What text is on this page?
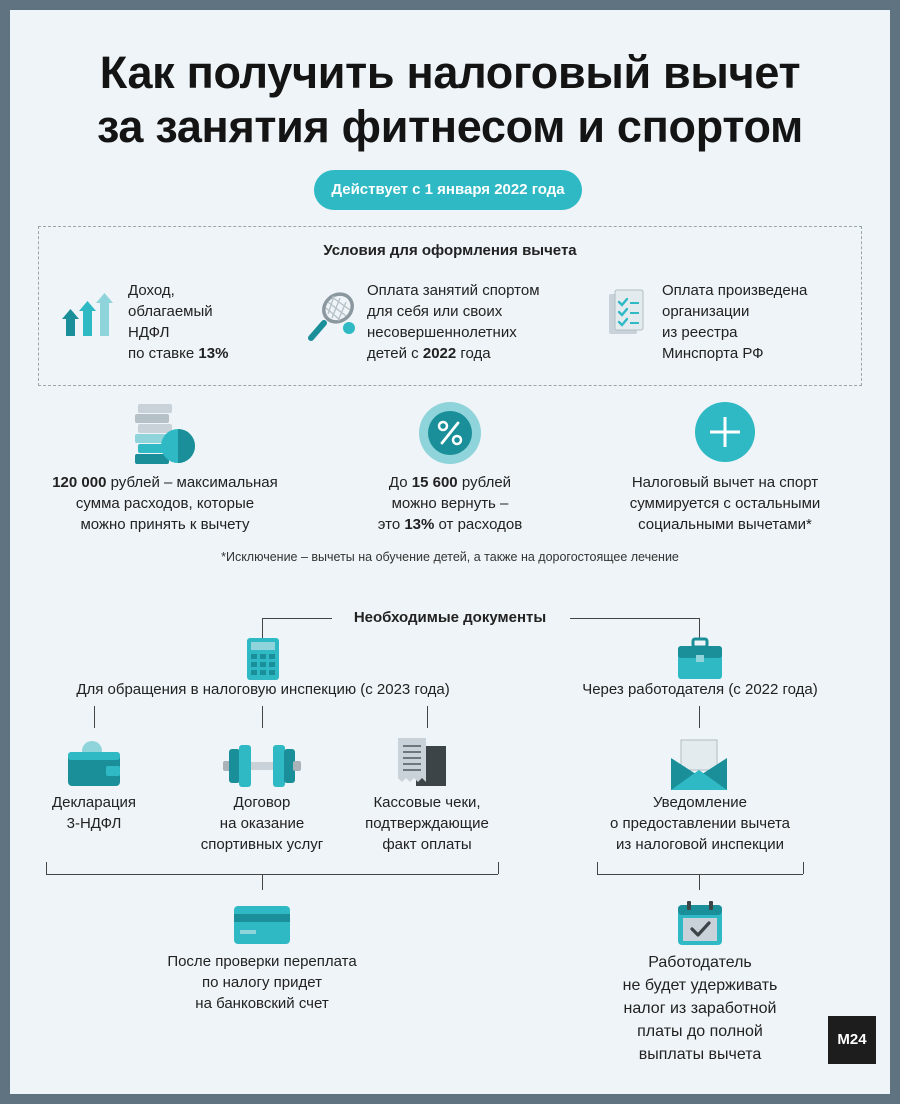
Как получить налоговый вычет
за занятия фитнесом и спортом
Действует с 1 января 2022 года
Условия для оформления вычета
Доход,
облагаемый
НДФЛ
по ставке 13%
Оплата занятий спортом
для себя или своих
несовершеннолетних
детей с 2022 года
Оплата произведена
организации
из реестра
Минспорта РФ
120 000 рублей – максимальная
сумма расходов, которые
можно принять к вычету
До 15 600 рублей
можно вернуть –
это 13% от расходов
Налоговый вычет на спорт
суммируется с остальными
социальными вычетами*
*Исключение – вычеты на обучение детей, а также на дорогостоящее лечение
Необходимые документы
Для обращения в налоговую инспекцию (с 2023 года)	Через работодателя (с 2022 года)
Декларация
3-НДФЛ
Договор
на оказание
спортивных услуг
Кассовые чеки,
подтверждающие
факт оплаты
Уведомление
о предоставлении вычета
из налоговой инспекции
После проверки переплата
по налогу придет
на банковский счет
Работодатель
не будет удерживать
налог из заработной
платы до полной
выплаты вычета
M24
